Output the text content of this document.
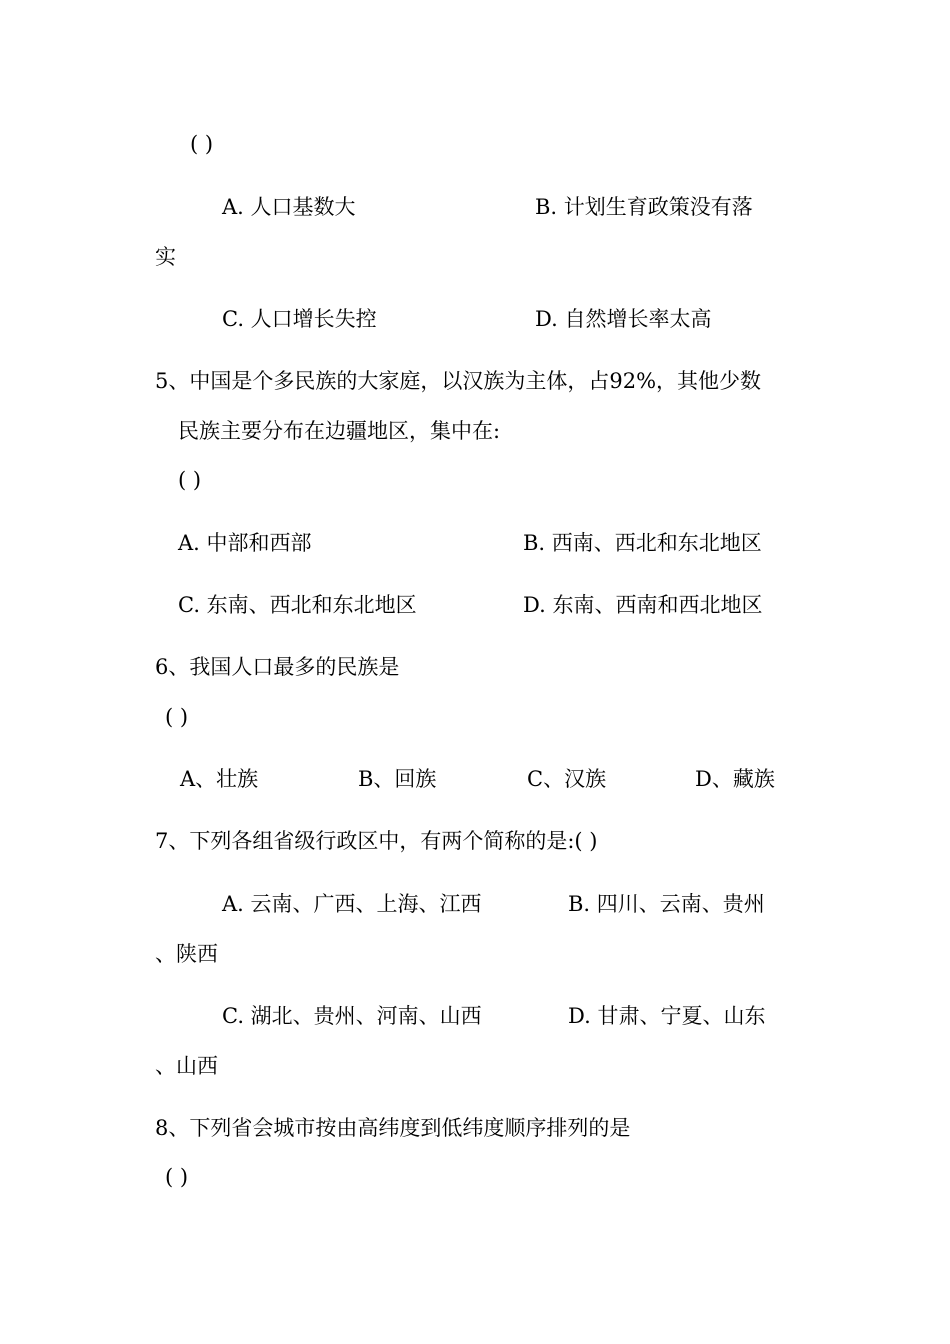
( )
A. 人口基数大	B. 计划生育政策没有落
实
C. 人口增长失控	D. 自然增长率太高
5、中国是个多民族的大家庭，以汉族为主体，占92%，其他少数
民族主要分布在边疆地区，集中在:
( )
A. 中部和西部	B. 西南、西北和东北地区
C. 东南、西北和东北地区	D. 东南、西南和西北地区
6、我国人口最多的民族是
( )
A、壮族	B、回族	C、汉族	D、藏族
7、下列各组省级行政区中，有两个简称的是:( )
A. 云南、广西、上海、江西	B. 四川、云南、贵州
、陕西
C. 湖北、贵州、河南、山西	D. 甘肃、宁夏、山东
、山西
8、下列省会城市按由高纬度到低纬度顺序排列的是
( )
